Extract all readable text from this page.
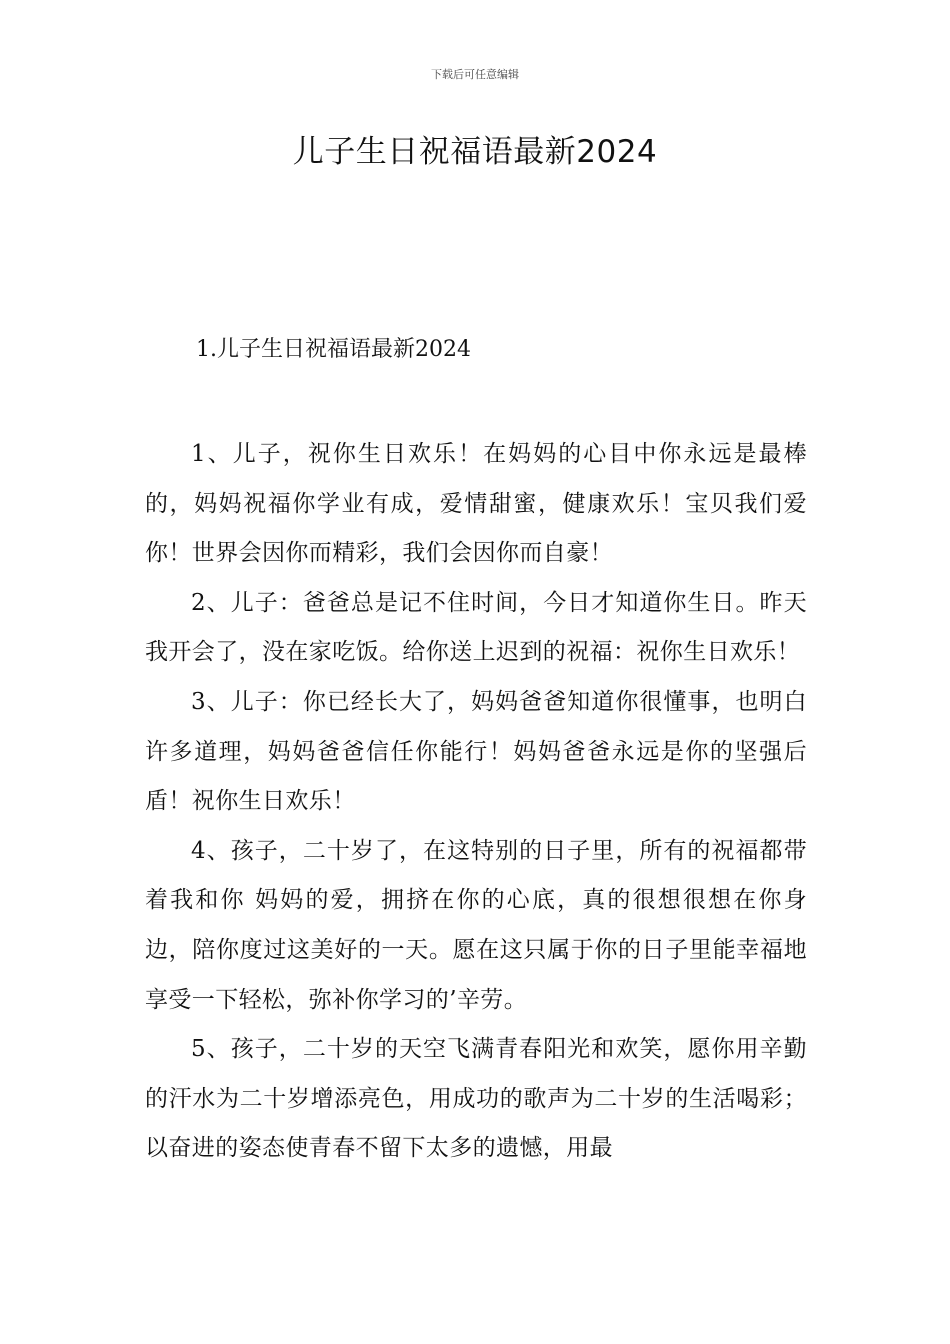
下载后可任意编辑
儿子生日祝福语最新2024
1.儿子生日祝福语最新2024

1、儿子，祝你生日欢乐！在妈妈的心目中你永远是最棒的，妈妈祝福你学业有成，爱情甜蜜，健康欢乐！宝贝我们爱你！世界会因你而精彩，我们会因你而自豪！

2、儿子：爸爸总是记不住时间，今日才知道你生日。昨天我开会了，没在家吃饭。给你送上迟到的祝福：祝你生日欢乐！

3、儿子：你已经长大了，妈妈爸爸知道你很懂事，也明白许多道理，妈妈爸爸信任你能行！妈妈爸爸永远是你的坚强后盾！祝你生日欢乐！

4、孩子，二十岁了，在这特别的日子里，所有的祝福都带着我和你 妈妈的爱，拥挤在你的心底，真的很想很想在你身边，陪你度过这美好的一天。愿在这只属于你的日子里能幸福地享受一下轻松，弥补你学习的’辛劳。

5、孩子，二十岁的天空飞满青春阳光和欢笑，愿你用辛勤的汗水为二十岁增添亮色，用成功的歌声为二十岁的生活喝彩；以奋进的姿态使青春不留下太多的遗憾，用最
